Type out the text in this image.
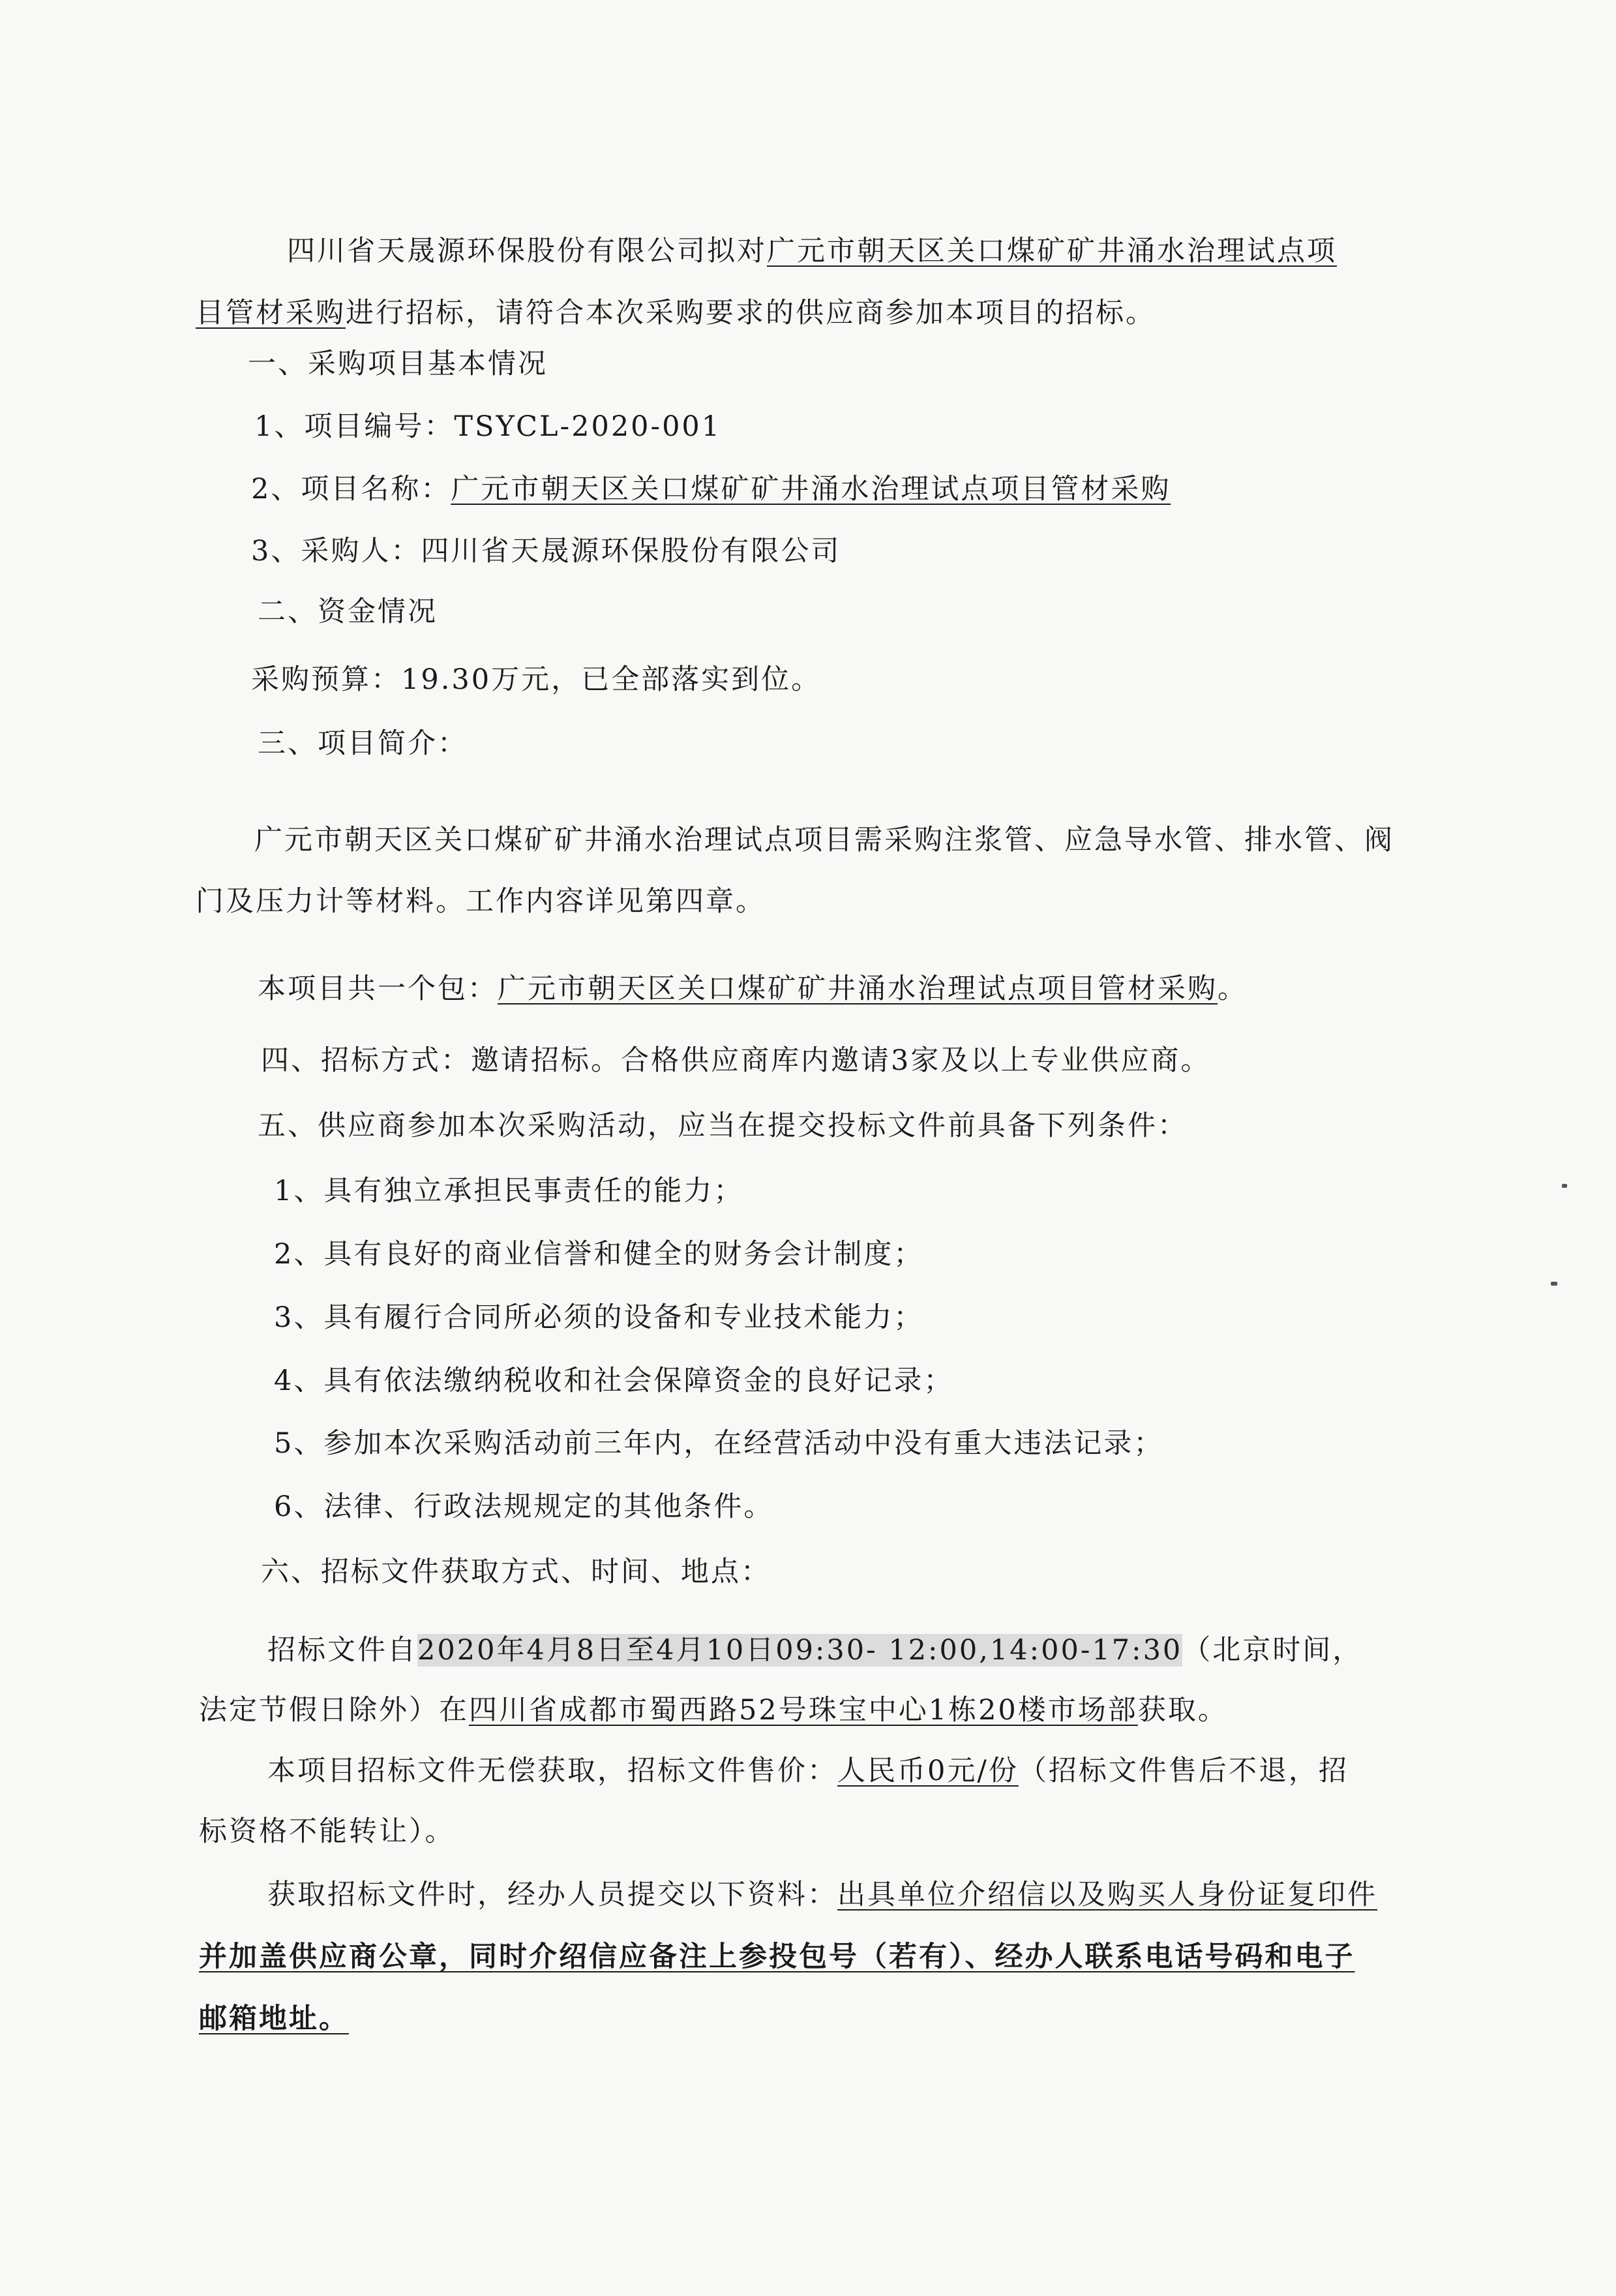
四川省天晟源环保股份有限公司拟对广元市朝天区关口煤矿矿井涌水治理试点项
目管材采购进行招标，请符合本次采购要求的供应商参加本项目的招标。
一、采购项目基本情况
1、项目编号：TSYCL-2020-001
2、项目名称：广元市朝天区关口煤矿矿井涌水治理试点项目管材采购
3、采购人：四川省天晟源环保股份有限公司
二、资金情况
采购预算：19.30万元，已全部落实到位。
三、项目简介：
广元市朝天区关口煤矿矿井涌水治理试点项目需采购注浆管、应急导水管、排水管、阀
门及压力计等材料。工作内容详见第四章。
本项目共一个包：广元市朝天区关口煤矿矿井涌水治理试点项目管材采购。
四、招标方式：邀请招标。合格供应商库内邀请3家及以上专业供应商。
五、供应商参加本次采购活动，应当在提交投标文件前具备下列条件：
1、具有独立承担民事责任的能力；
2、具有良好的商业信誉和健全的财务会计制度；
3、具有履行合同所必须的设备和专业技术能力；
4、具有依法缴纳税收和社会保障资金的良好记录；
5、参加本次采购活动前三年内，在经营活动中没有重大违法记录；
6、法律、行政法规规定的其他条件。
六、招标文件获取方式、时间、地点：
招标文件自2020年4月8日至4月10日09:30- 12:00,14:00-17:30（北京时间，
法定节假日除外）在四川省成都市蜀西路52号珠宝中心1栋20楼市场部获取。
本项目招标文件无偿获取，招标文件售价：人民币0元/份（招标文件售后不退，招
标资格不能转让）。
获取招标文件时，经办人员提交以下资料：出具单位介绍信以及购买人身份证复印件
并加盖供应商公章，同时介绍信应备注上参投包号（若有）、经办人联系电话号码和电子
邮箱地址。
